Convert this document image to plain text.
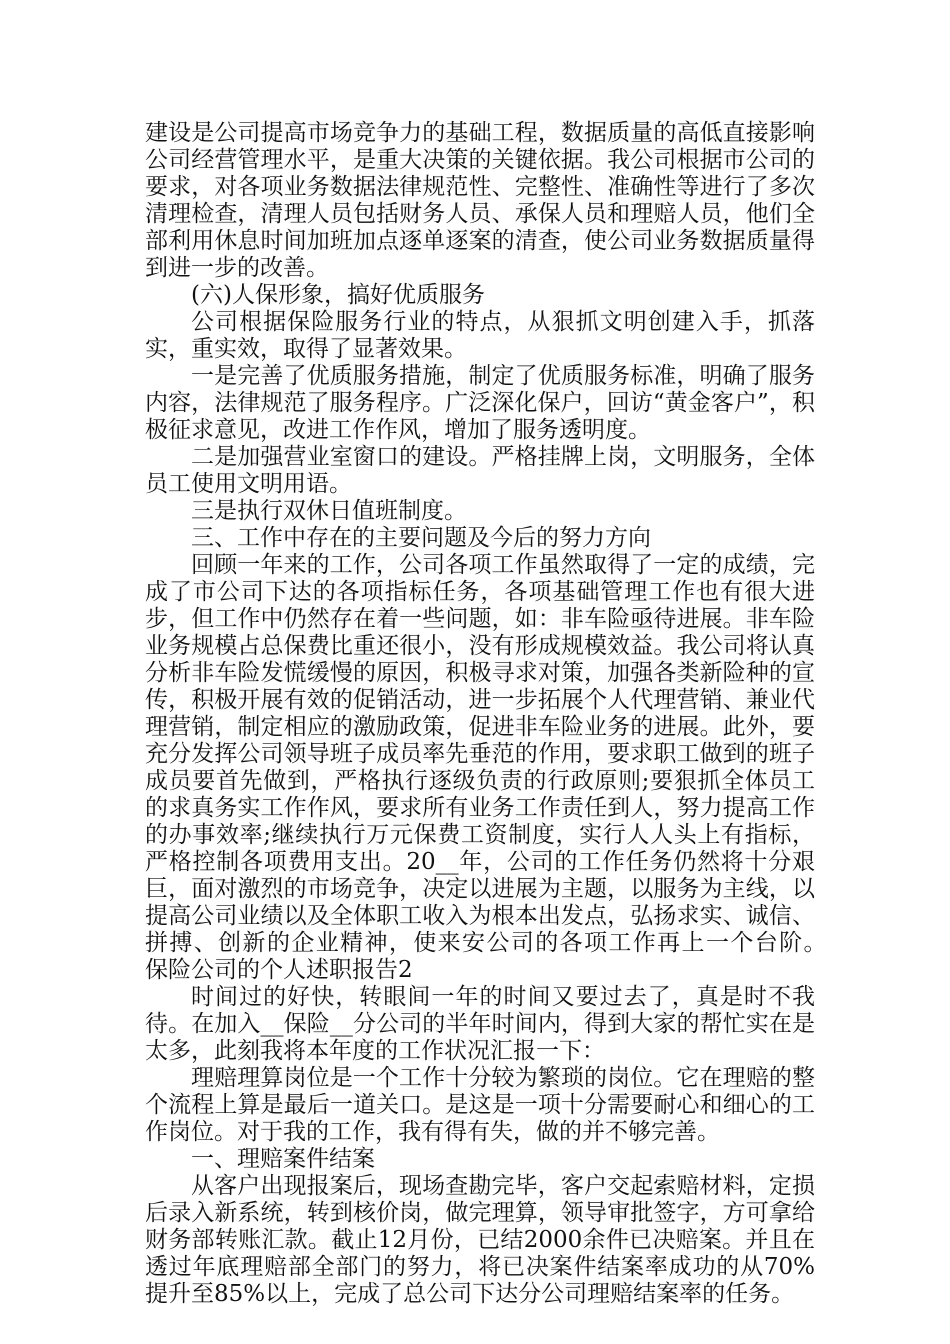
建设是公司提高市场竞争力的基础工程，数据质量的高低直接影响公司经营管理水平，是重大决策的关键依据。我公司根据市公司的要求，对各项业务数据法律规范性、完整性、准确性等进行了多次清理检查，清理人员包括财务人员、承保人员和理赔人员，他们全部利用休息时间加班加点逐单逐案的清查，使公司业务数据质量得到进一步的改善。

(六)人保形象，搞好优质服务

公司根据保险服务行业的特点，从狠抓文明创建入手，抓落实，重实效，取得了显著效果。

一是完善了优质服务措施，制定了优质服务标准，明确了服务内容，法律规范了服务程序。广泛深化保户，回访“黄金客户”，积极征求意见，改进工作作风，增加了服务透明度。

二是加强营业室窗口的建设。严格挂牌上岗，文明服务，全体员工使用文明用语。

三是执行双休日值班制度。

三、工作中存在的主要问题及今后的努力方向

回顾一年来的工作，公司各项工作虽然取得了一定的成绩，完成了市公司下达的各项指标任务，各项基础管理工作也有很大进步，但工作中仍然存在着一些问题，如：非车险亟待进展。非车险业务规模占总保费比重还很小，没有形成规模效益。我公司将认真分析非车险发慌缓慢的原因，积极寻求对策，加强各类新险种的宣传，积极开展有效的促销活动，进一步拓展个人代理营销、兼业代理营销，制定相应的激励政策，促进非车险业务的进展。此外，要充分发挥公司领导班子成员率先垂范的作用，要求职工做到的班子成员要首先做到，严格执行逐级负责的行政原则;要狠抓全体员工的求真务实工作作风，要求所有业务工作责任到人，努力提高工作的办事效率;继续执行万元保费工资制度，实行人人头上有指标，严格控制各项费用支出。20__年，公司的工作任务仍然将十分艰巨，面对激烈的市场竞争，决定以进展为主题，以服务为主线，以提高公司业绩以及全体职工收入为根本出发点，弘扬求实、诚信、拼搏、创新的企业精神，使来安公司的各项工作再上一个台阶。　　保险公司的个人述职报告2

时间过的好快，转眼间一年的时间又要过去了，真是时不我待。在加入__保险__分公司的半年时间内，得到大家的帮忙实在是太多，此刻我将本年度的工作状况汇报一下：

理赔理算岗位是一个工作十分较为繁琐的岗位。它在理赔的整个流程上算是最后一道关口。是这是一项十分需要耐心和细心的工作岗位。对于我的工作，我有得有失，做的并不够完善。

一、理赔案件结案

从客户出现报案后，现场查勘完毕，客户交起索赔材料，定损后录入新系统，转到核价岗，做完理算，领导审批签字，方可拿给财务部转账汇款。截止12月份，已结2000余件已决赔案。并且在透过年底理赔部全部门的努力，将已决案件结案率成功的从70%提升至85%以上，完成了总公司下达分公司理赔结案率的任务。
